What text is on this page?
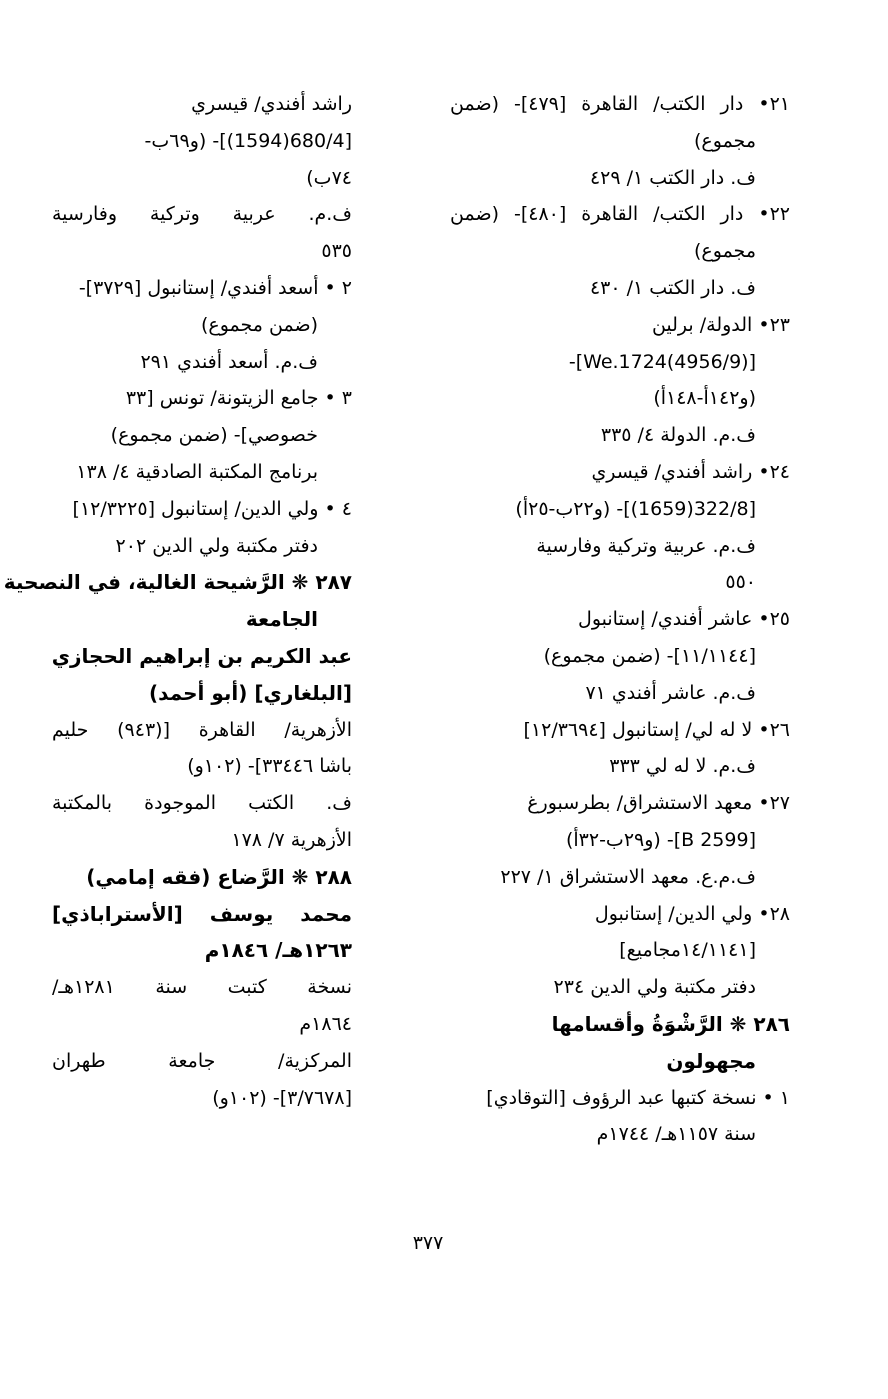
٢١• دار الكتب/ القاهرة [٤٧٩]- (ضمن
مجموع)
ف. دار الكتب ١/ ٤٢٩
٢٢• دار الكتب/ القاهرة [٤٨٠]- (ضمن
مجموع)
ف. دار الكتب ١/ ٤٣٠
٢٣• الدولة/ برلين
[We.1724(4956/9)]-
(و١٤٢أ-١٤٨أ)
ف.م. الدولة ٤/ ٣٣٥
٢٤• راشد أفندي/ قيسري
[322/8(1659)]- (و٢٢ب-٢٥أ)
ف.م. عربية وتركية وفارسية
٥٥٠
٢٥• عاشر أفندي/ إستانبول
[١١/١١٤٤]- (ضمن مجموع)
ف.م. عاشر أفندي ٧١
٢٦• لا له لي/ إستانبول [١٢/٣٦٩٤]
ف.م. لا له لي ٣٣٣
٢٧• معهد الاستشراق/ بطرسبورغ
[B 2599]- (و٢٩ب-٣٢أ)
ف.م.ع. معهد الاستشراق ١/ ٢٢٧
٢٨• ولي الدين/ إستانبول
[١٤/١١٤١مجاميع]
دفتر مكتبة ولي الدين ٢٣٤
٢٨٦ ❋ الرَّشْوَةُ وأقسامها
مجهولون
١ • نسخة كتبها عبد الرؤوف [التوقادي]
سنة ١١٥٧هـ/ ١٧٤٤م
راشد أفندي/ قيسري
[680/4(1594)]- (و٦٩ب-
٧٤ب)
ف.م. عربية وتركية وفارسية
٥٣٥
٢ • أسعد أفندي/ إستانبول [٣٧٢٩]-
(ضمن مجموع)
ف.م. أسعد أفندي ٢٩١
٣ • جامع الزيتونة/ تونس [٣٣
خصوصي]- (ضمن مجموع)
برنامج المكتبة الصادقية ٤/ ١٣٨
٤ • ولي الدين/ إستانبول [١٢/٣٢٢٥]
دفتر مكتبة ولي الدين ٢٠٢
٢٨٧ ❋ الرَّشيحة الغالية، في النصحية
الجامعة
عبد الكريم بن إبراهيم الحجازي
[البلغاري] (أبو أحمد)
الأزهرية/ القاهرة [(٩٤٣) حليم
باشا ٣٣٤٤٦]- (١٠٢و)
ف. الكتب الموجودة بالمكتبة
الأزهرية ٧/ ١٧٨
٢٨٨ ❋ الرَّضاع (فقه إمامي)
محمد يوسف [الأستراباذي]
١٢٦٣هـ/ ١٨٤٦م
نسخة كتبت سنة ١٢٨١هـ/
١٨٦٤م
المركزية/ جامعة طهران
[٣/٧٦٧٨]- (١٠٢و)
٣٧٧
